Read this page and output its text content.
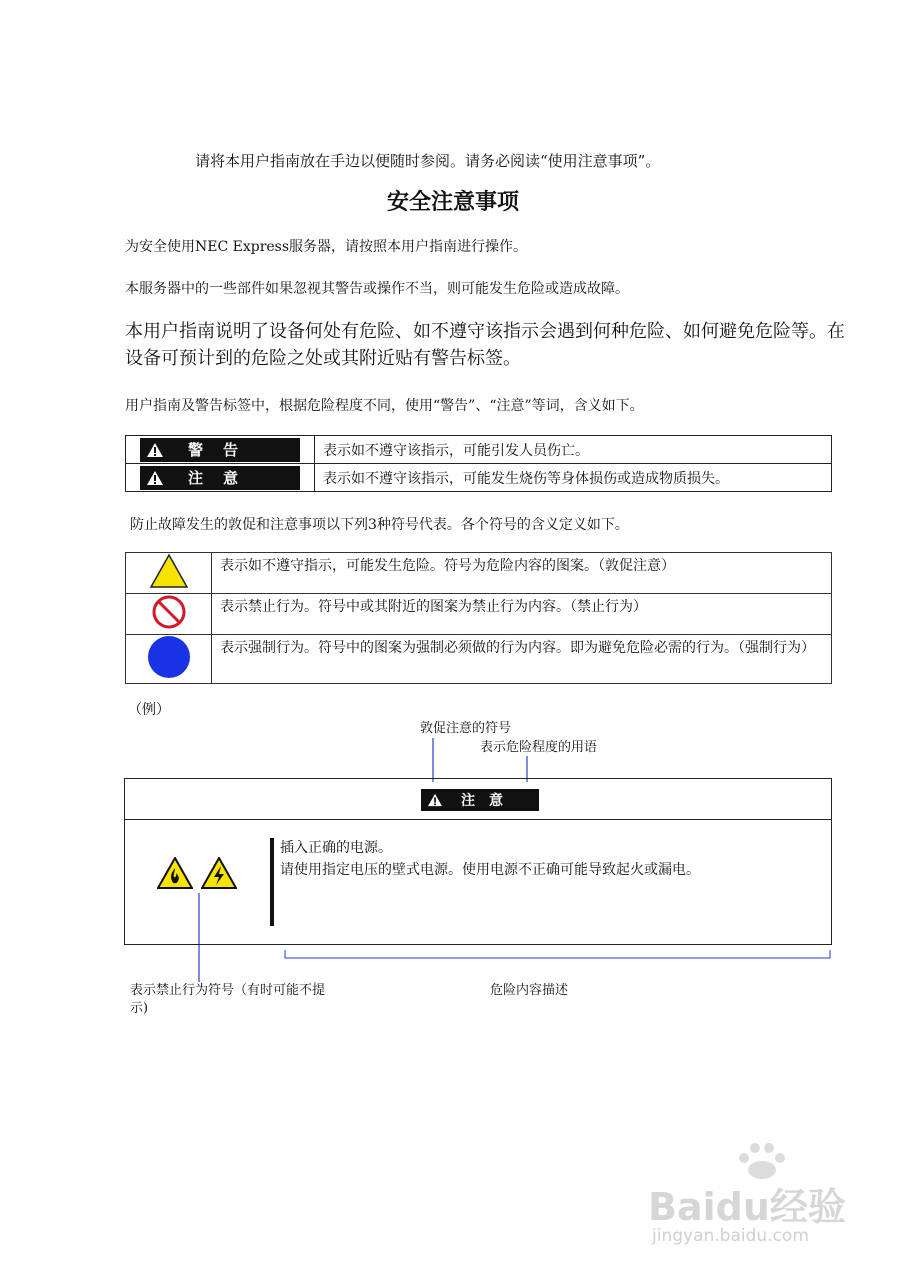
请将本用户指南放在手边以便随时参阅。请务必阅读“使用注意事项”。
安全注意事项
为安全使用NEC Express服务器，请按照本用户指南进行操作。
本服务器中的一些部件如果忽视其警告或操作不当，则可能发生危险或造成故障。
本用户指南说明了设备何处有危险、如不遵守该指示会遇到何种危险、如何避免危险等。在设备可预计到的危险之处或其附近贴有警告标签。
用户指南及警告标签中，根据危险程度不同，使用“警告”、“注意”等词，含义如下。
警告	表示如不遵守该指示，可能引发人员伤亡。

注意	表示如不遵守该指示，可能发生烧伤等身体损伤或造成物质损失。
防止故障发生的敦促和注意事项以下列3种符号代表。各个符号的含义定义如下。
	表示如不遵守指示，可能发生危险。符号为危险内容的图案。（敦促注意）
	表示禁止行为。符号中或其附近的图案为禁止行为内容。（禁止行为）
	表示强制行为。符号中的图案为强制必须做的行为内容。即为避免危险必需的行为。（强制行为）
（例）
敦促注意的符号
表示危险程度的用语
注意
插入正确的电源。
请使用指定电压的壁式电源。使用电源不正确可能导致起火或漏电。
表示禁止行为符号（有时可能不提示)
危险内容描述
Baidu经验
jingyan.baidu.com
